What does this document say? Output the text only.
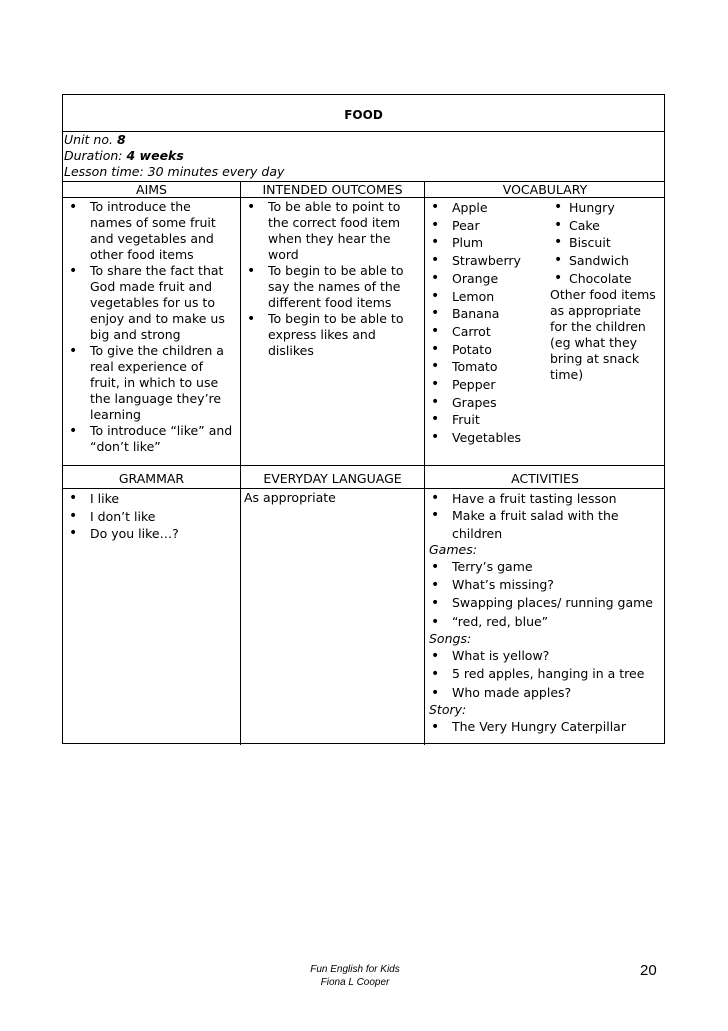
FOOD
Unit no. 8
Duration: 4 weeks
Lesson time: 30 minutes every day
AIMS	INTENDED OUTCOMES	VOCABULARY
• To introduce the names of some fruit and vegetables and other food items
• To share the fact that God made fruit and vegetables for us to enjoy and to make us big and strong
• To give the children a real experience of fruit, in which to use the language they’re learning
• To introduce “like” and “don’t like”
• To be able to point to the correct food item when they hear the word
• To begin to be able to say the names of the different food items
• To begin to be able to express likes and dislikes
• Apple
• Pear
• Plum
• Strawberry
• Orange
• Lemon
• Banana
• Carrot
• Potato
• Tomato
• Pepper
• Grapes
• Fruit
• Vegetables
• Hungry
• Cake
• Biscuit
• Sandwich
• Chocolate
Other food items as appropriate for the children (eg what they bring at snack time)
GRAMMAR	EVERYDAY LANGUAGE	ACTIVITIES
• I like
• I don’t like
• Do you like…?
As appropriate
•	Have a fruit tasting lesson
• Make a fruit salad with the children
Games:
• Terry’s game
• What’s missing?
• Swapping places/ running game
• “red, red, blue”
Songs:
• What is yellow?
• 5 red apples, hanging in a tree
• Who made apples?
Story:
• The Very Hungry Caterpillar
Fun English for Kids
Fiona L Cooper
20
